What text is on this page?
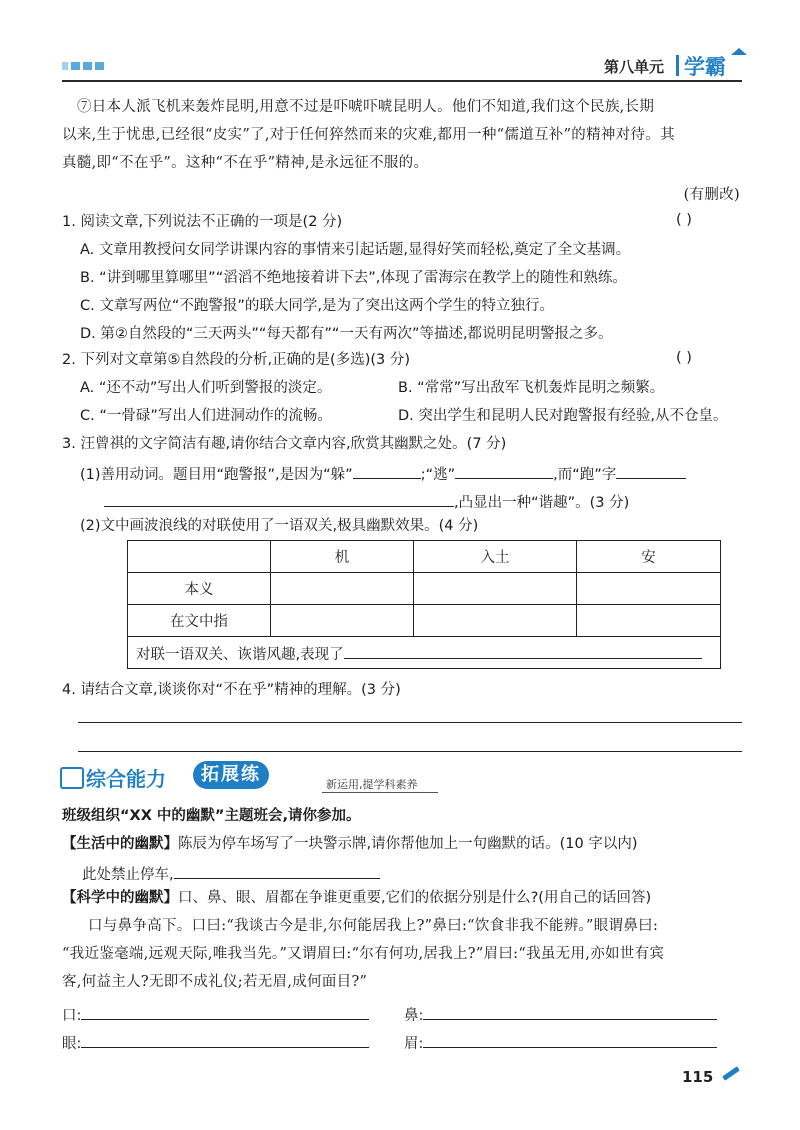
第八单元 学霸
⑦日本人派飞机来轰炸昆明,用意不过是吓唬吓唬昆明人。他们不知道,我们这个民族,长期
以来,生于忧患,已经很“皮实”了,对于任何猝然而来的灾难,都用一种“儒道互补”的精神对待。其
真髓,即“不在乎”。这种“不在乎”精神,是永远征不服的。
(有删改)
1. 阅读文章,下列说法不正确的一项是(2 分)	( )
A. 文章用教授问女同学讲课内容的事情来引起话题,显得好笑而轻松,奠定了全文基调。
B. “讲到哪里算哪里”“滔滔不绝地接着讲下去”,体现了雷海宗在教学上的随性和熟练。
C. 文章写两位“不跑警报”的联大同学,是为了突出这两个学生的特立独行。
D. 第②自然段的“三天两头”“每天都有”“一天有两次”等描述,都说明昆明警报之多。
2. 下列对文章第⑤自然段的分析,正确的是(多选)(3 分)	( )
A. “还不动”写出人们听到警报的淡定。	B. “常常”写出敌军飞机轰炸昆明之频繁。
C. “一骨碌”写出人们进洞动作的流畅。	D. 突出学生和昆明人民对跑警报有经验,从不仓皇。
3. 汪曾祺的文字简洁有趣,请你结合文章内容,欣赏其幽默之处。(7 分)
(1)善用动词。题目用“跑警报”,是因为“躲”	;“逃”	,而“跑”字
,凸显出一种“谐趣”。(3 分)
(2)文中画波浪线的对联使用了一语双关,极具幽默效果。(4 分)
	机	入土	安
本义			
在文中指			
对联一语双关、诙谐风趣,表现了			
4. 请结合文章,谈谈你对“不在乎”精神的理解。(3 分)
综合能力	拓展练	新运用,提学科素养
班级组织“XX 中的幽默”主题班会,请你参加。
【生活中的幽默】陈辰为停车场写了一块警示牌,请你帮他加上一句幽默的话。(10 字以内)
此处禁止停车,
【科学中的幽默】口、鼻、眼、眉都在争谁更重要,它们的依据分别是什么?(用自己的话回答)
口与鼻争高下。口曰:“我谈古今是非,尔何能居我上?”鼻曰:“饮食非我不能辨。”眼谓鼻曰:
“我近鉴毫端,远观天际,唯我当先。”又谓眉曰:“尔有何功,居我上?”眉曰:“我虽无用,亦如世有宾
客,何益主人?无即不成礼仪;若无眉,成何面目?”
口:	鼻:
眼:	眉:
115
